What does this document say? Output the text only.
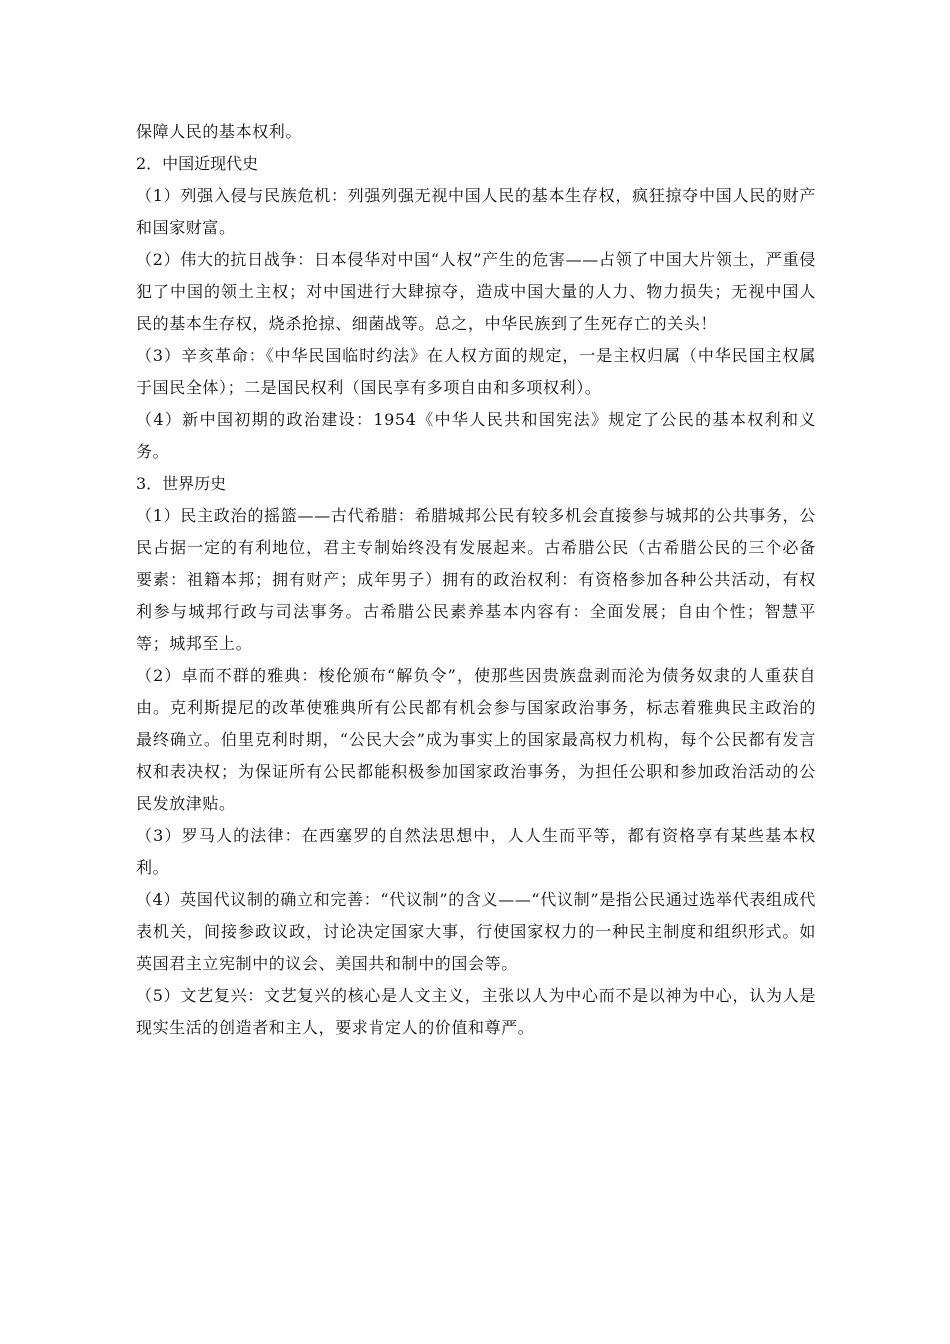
保障人民的基本权利。

2．中国近现代史

（1）列强入侵与民族危机：列强列强无视中国人民的基本生存权，疯狂掠夺中国人民的财产和国家财富。

（2）伟大的抗日战争：日本侵华对中国“人权”产生的危害——占领了中国大片领土，严重侵犯了中国的领土主权；对中国进行大肆掠夺，造成中国大量的人力、物力损失；无视中国人民的基本生存权，烧杀抢掠、细菌战等。总之，中华民族到了生死存亡的关头！

（3）辛亥革命：《中华民国临时约法》在人权方面的规定，一是主权归属（中华民国主权属于国民全体）；二是国民权利（国民享有多项自由和多项权利）。

（4）新中国初期的政治建设：1954《中华人民共和国宪法》规定了公民的基本权利和义务。

3．世界历史

（1）民主政治的摇篮——古代希腊：希腊城邦公民有较多机会直接参与城邦的公共事务，公民占据一定的有利地位，君主专制始终没有发展起来。古希腊公民（古希腊公民的三个必备要素：祖籍本邦；拥有财产；成年男子）拥有的政治权利：有资格参加各种公共活动，有权利参与城邦行政与司法事务。古希腊公民素养基本内容有：全面发展；自由个性；智慧平等；城邦至上。

（2）卓而不群的雅典：梭伦颁布“解负令”，使那些因贵族盘剥而沦为债务奴隶的人重获自由。克利斯提尼的改革使雅典所有公民都有机会参与国家政治事务，标志着雅典民主政治的最终确立。伯里克利时期，“公民大会”成为事实上的国家最高权力机构，每个公民都有发言权和表决权；为保证所有公民都能积极参加国家政治事务，为担任公职和参加政治活动的公民发放津贴。

（3）罗马人的法律：在西塞罗的自然法思想中，人人生而平等，都有资格享有某些基本权利。

（4）英国代议制的确立和完善：“代议制”的含义——“代议制”是指公民通过选举代表组成代表机关，间接参政议政，讨论决定国家大事，行使国家权力的一种民主制度和组织形式。如英国君主立宪制中的议会、美国共和制中的国会等。

（5）文艺复兴：文艺复兴的核心是人文主义，主张以人为中心而不是以神为中心，认为人是现实生活的创造者和主人，要求肯定人的价值和尊严。
